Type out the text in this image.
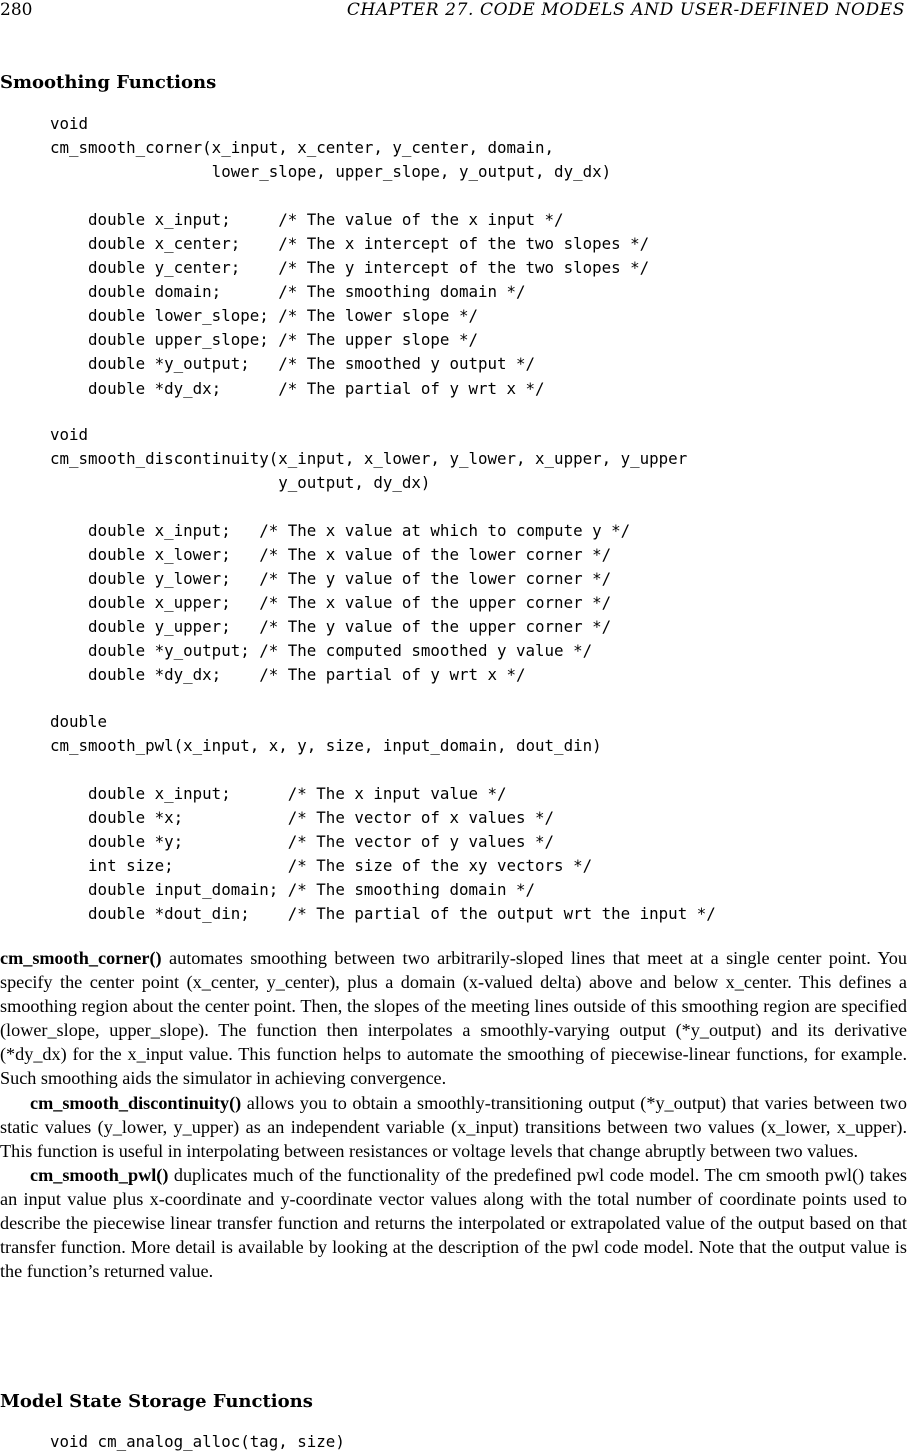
280	CHAPTER 27. CODE MODELS AND USER-DEFINED NODES
Smoothing Functions
void
cm_smooth_corner(x_input, x_center, y_center, domain,
lower_slope, upper_slope, y_output, dy_dx)

double x_input;     /* The value of the x input */
double x_center;    /* The x intercept of the two slopes */
double y_center;    /* The y intercept of the two slopes */
double domain;      /* The smoothing domain */
double lower_slope; /* The lower slope */
double upper_slope; /* The upper slope */
double *y_output;   /* The smoothed y output */
double *dy_dx;      /* The partial of y wrt x */
void
cm_smooth_discontinuity(x_input, x_lower, y_lower, x_upper, y_upper
y_output, dy_dx)

double x_input;   /* The x value at which to compute y */
double x_lower;   /* The x value of the lower corner */
double y_lower;   /* The y value of the lower corner */
double x_upper;   /* The x value of the upper corner */
double y_upper;   /* The y value of the upper corner */
double *y_output; /* The computed smoothed y value */
double *dy_dx;    /* The partial of y wrt x */
double
cm_smooth_pwl(x_input, x, y, size, input_domain, dout_din)

double x_input;      /* The x input value */
double *x;           /* The vector of x values */
double *y;           /* The vector of y values */
int size;            /* The size of the xy vectors */
double input_domain; /* The smoothing domain */
double *dout_din;    /* The partial of the output wrt the input */

cm_smooth_corner() automates smoothing between two arbitrarily-sloped lines that meet at a single center point. You specify the center point (x_center, y_center), plus a domain (x-valued delta) above and below x_center. This defines a smoothing region about the center point. Then, the slopes of the meeting lines outside of this smoothing region are specified (lower_slope, upper_slope). The function then interpolates a smoothly-varying output (*y_output) and its derivative (*dy_dx) for the x_input value. This function helps to automate the smoothing of piecewise-linear functions, for example. Such smoothing aids the simulator in achieving convergence.

cm_smooth_discontinuity() allows you to obtain a smoothly-transitioning output (*y_output) that varies between two static values (y_lower, y_upper) as an independent variable (x_input) transitions between two values (x_lower, x_upper). This function is useful in interpolating between resistances or voltage levels that change abruptly between two values.

cm_smooth_pwl() duplicates much of the functionality of the predefined pwl code model. The cm smooth pwl() takes an input value plus x-coordinate and y-coordinate vector values along with the total number of coordinate points used to describe the piecewise linear transfer function and returns the interpolated or extrapolated value of the output based on that transfer function. More detail is available by looking at the description of the pwl code model. Note that the output value is the function’s returned value.

Model State Storage Functions
void cm_analog_alloc(tag, size)
